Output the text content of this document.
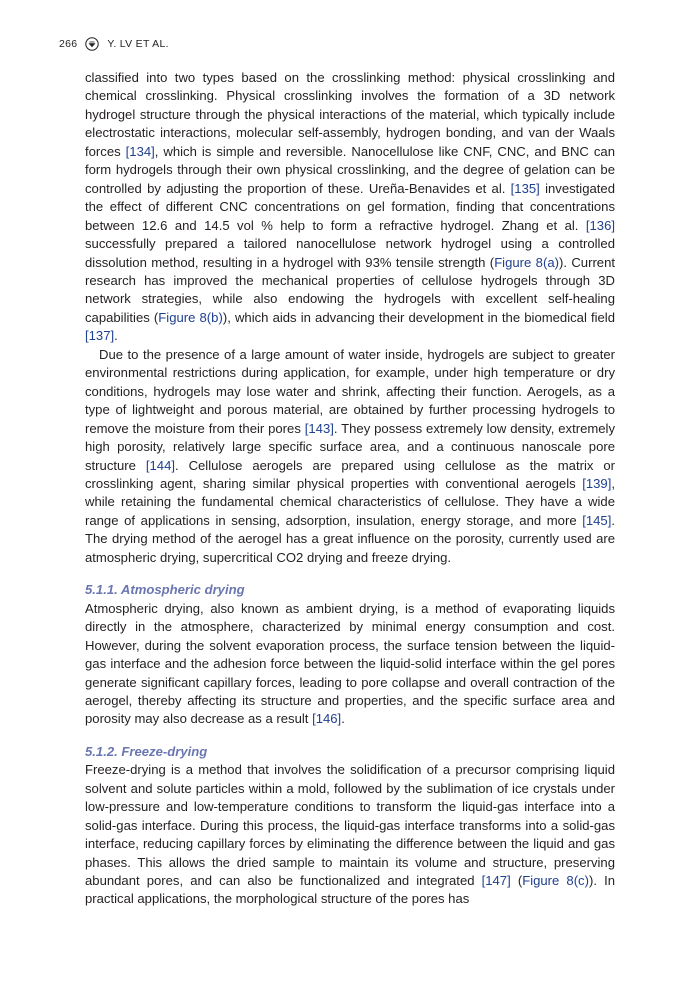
266	Y. LV ET AL.

classified into two types based on the crosslinking method: physical crosslinking and chemical crosslinking. Physical crosslinking involves the formation of a 3D network hydrogel structure through the physical interactions of the material, which typically include electrostatic interactions, molecular self-assembly, hydrogen bonding, and van der Waals forces [134], which is simple and reversible. Nanocellulose like CNF, CNC, and BNC can form hydrogels through their own physical crosslinking, and the degree of gelation can be controlled by adjusting the proportion of these. Ureña-Benavides et al. [135] investigated the effect of different CNC concentrations on gel formation, finding that concentrations between 12.6 and 14.5 vol % help to form a refractive hydrogel. Zhang et al. [136] successfully prepared a tailored nanocellulose network hydrogel using a controlled dissolution method, resulting in a hydrogel with 93% tensile strength (Figure 8(a)). Current research has improved the mechanical properties of cellulose hydrogels through 3D network strategies, while also endowing the hydrogels with excellent self-healing capabilities (Figure 8(b)), which aids in advancing their development in the biomedical field [137].

Due to the presence of a large amount of water inside, hydrogels are subject to greater environmental restrictions during application, for example, under high temperature or dry conditions, hydrogels may lose water and shrink, affecting their function. Aerogels, as a type of lightweight and porous material, are obtained by further processing hydrogels to remove the moisture from their pores [143]. They possess extremely low density, extremely high porosity, relatively large specific surface area, and a continuous nanoscale pore structure [144]. Cellulose aerogels are prepared using cellulose as the matrix or crosslinking agent, sharing similar physical properties with conventional aerogels [139], while retaining the fundamental chemical characteristics of cellulose. They have a wide range of applications in sensing, adsorption, insulation, energy storage, and more [145]. The drying method of the aerogel has a great influence on the porosity, currently used are atmospheric drying, supercritical CO2 drying and freeze drying.

5.1.1. Atmospheric drying

Atmospheric drying, also known as ambient drying, is a method of evaporating liquids directly in the atmosphere, characterized by minimal energy consumption and cost. However, during the solvent evaporation process, the surface tension between the liquid-gas interface and the adhesion force between the liquid-solid interface within the gel pores generate significant capillary forces, leading to pore collapse and overall contraction of the aerogel, thereby affecting its structure and properties, and the specific surface area and porosity may also decrease as a result [146].

5.1.2. Freeze-drying

Freeze-drying is a method that involves the solidification of a precursor comprising liquid solvent and solute particles within a mold, followed by the sublimation of ice crystals under low-pressure and low-temperature conditions to transform the liquid-gas interface into a solid-gas interface. During this process, the liquid-gas interface transforms into a solid-gas interface, reducing capillary forces by eliminating the difference between the liquid and gas phases. This allows the dried sample to maintain its volume and structure, preserving abundant pores, and can also be functionalized and integrated [147] (Figure 8(c)). In practical applications, the morphological structure of the pores has
